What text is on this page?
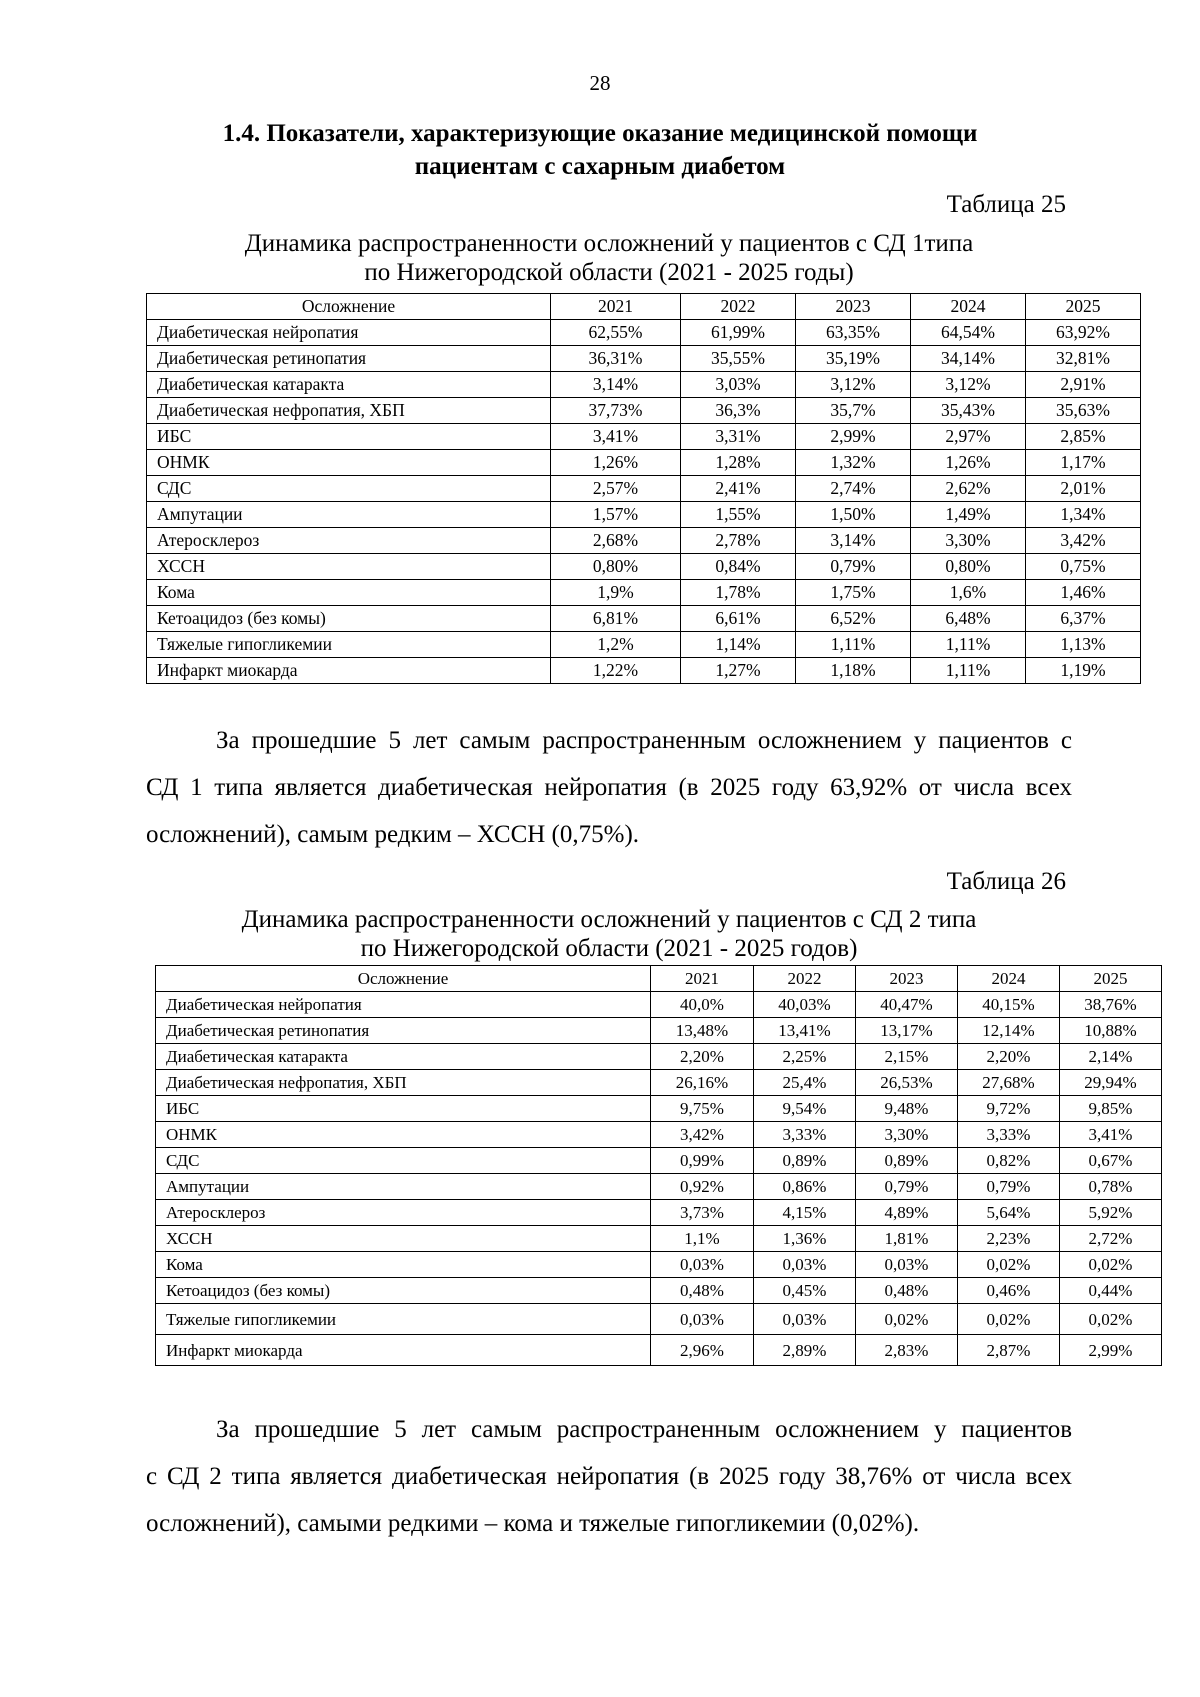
28
1.4. Показатели, характеризующие оказание медицинской помощи
пациентам с сахарным диабетом
Таблица 25
Динамика распространенности осложнений у пациентов с СД 1типа
по Нижегородской области (2021 - 2025 годы)
Осложнение	2021	2022	2023	2024	2025
Диабетическая нейропатия	62,55%	61,99%	63,35%	64,54%	63,92%
Диабетическая ретинопатия	36,31%	35,55%	35,19%	34,14%	32,81%
Диабетическая катаракта	3,14%	3,03%	3,12%	3,12%	2,91%
Диабетическая нефропатия, ХБП	37,73%	36,3%	35,7%	35,43%	35,63%
ИБС	3,41%	3,31%	2,99%	2,97%	2,85%
ОНМК	1,26%	1,28%	1,32%	1,26%	1,17%
СДС	2,57%	2,41%	2,74%	2,62%	2,01%
Ампутации	1,57%	1,55%	1,50%	1,49%	1,34%
Атеросклероз	2,68%	2,78%	3,14%	3,30%	3,42%
ХССН	0,80%	0,84%	0,79%	0,80%	0,75%
Кома	1,9%	1,78%	1,75%	1,6%	1,46%
Кетоацидоз (без комы)	6,81%	6,61%	6,52%	6,48%	6,37%
Тяжелые гипогликемии	1,2%	1,14%	1,11%	1,11%	1,13%
Инфаркт миокарда	1,22%	1,27%	1,18%	1,11%	1,19%
За прошедшие 5 лет самым распространенным осложнением у пациентов с
СД 1 типа является диабетическая нейропатия (в 2025 году 63,92% от числа всех
осложнений), самым редким – ХССН (0,75%).
Таблица 26
Динамика распространенности осложнений у пациентов с СД 2 типа
по Нижегородской области (2021 - 2025 годов)
Осложнение	2021	2022	2023	2024	2025
Диабетическая нейропатия	40,0%	40,03%	40,47%	40,15%	38,76%
Диабетическая ретинопатия	13,48%	13,41%	13,17%	12,14%	10,88%
Диабетическая катаракта	2,20%	2,25%	2,15%	2,20%	2,14%
Диабетическая нефропатия, ХБП	26,16%	25,4%	26,53%	27,68%	29,94%
ИБС	9,75%	9,54%	9,48%	9,72%	9,85%
ОНМК	3,42%	3,33%	3,30%	3,33%	3,41%
СДС	0,99%	0,89%	0,89%	0,82%	0,67%
Ампутации	0,92%	0,86%	0,79%	0,79%	0,78%
Атеросклероз	3,73%	4,15%	4,89%	5,64%	5,92%
ХССН	1,1%	1,36%	1,81%	2,23%	2,72%
Кома	0,03%	0,03%	0,03%	0,02%	0,02%
Кетоацидоз (без комы)	0,48%	0,45%	0,48%	0,46%	0,44%
Тяжелые гипогликемии	0,03%	0,03%	0,02%	0,02%	0,02%
Инфаркт миокарда	2,96%	2,89%	2,83%	2,87%	2,99%
За прошедшие 5 лет самым распространенным осложнением у пациентов
с СД 2 типа является диабетическая нейропатия (в 2025 году 38,76% от числа всех
осложнений), самыми редкими – кома и тяжелые гипогликемии (0,02%).
